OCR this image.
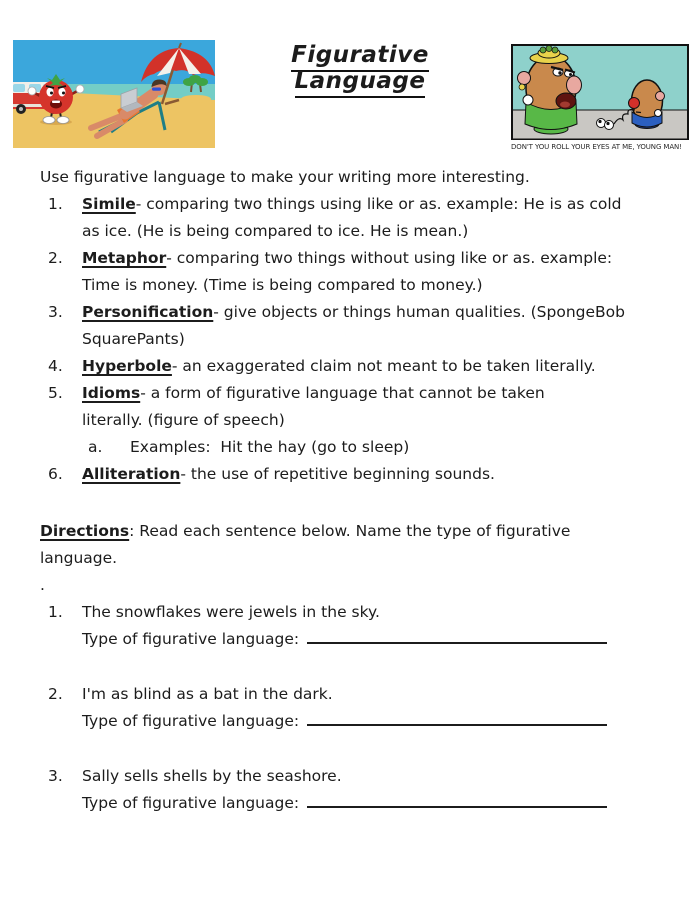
Figurative Language
DON'T YOU ROLL YOUR EYES AT ME, YOUNG MAN!

Use figurative language to make your writing more interesting.

1.	Simile- comparing two things using like or as. example: He is as cold
as ice. (He is being compared to ice. He is mean.)
2.	Metaphor- comparing two things without using like or as. example:
Time is money. (Time is being compared to money.)
3.	Personification- give objects or things human qualities. (SpongeBob
SquarePants)
4.	Hyperbole- an exaggerated claim not meant to be taken literally.
5.	Idioms- a form of figurative language that cannot be taken
literally. (figure of speech)
a.	Examples:  Hit the hay (go to sleep)
6.	Alliteration- the use of repetitive beginning sounds.

Directions: Read each sentence below. Name the type of figurative
language.

.

1.	The snowflakes were jewels in the sky.
Type of figurative language:
2.	I'm as blind as a bat in the dark.
Type of figurative language:
3.	Sally sells shells by the seashore.
Type of figurative language:
